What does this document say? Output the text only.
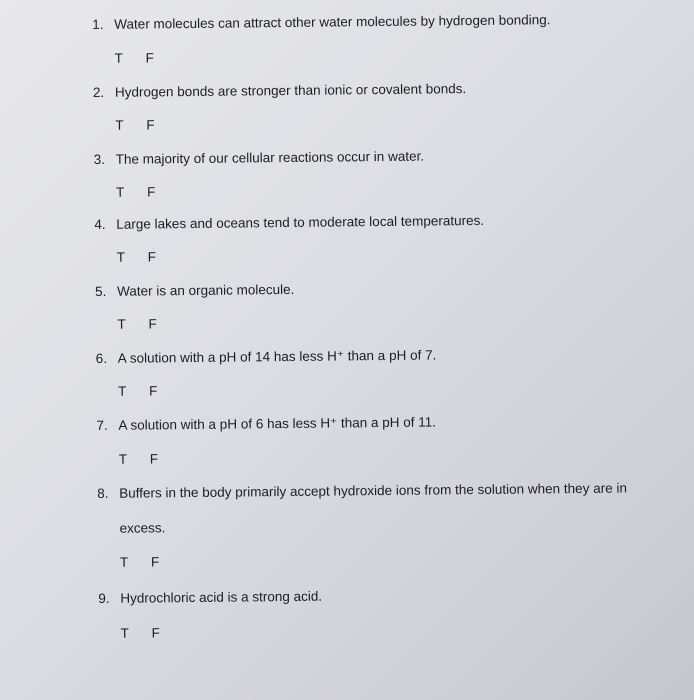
1. Water molecules can attract other water molecules by hydrogen bonding.
T F
2. Hydrogen bonds are stronger than ionic or covalent bonds.
T F
3. The majority of our cellular reactions occur in water.
T F
4. Large lakes and oceans tend to moderate local temperatures.
T F
5. Water is an organic molecule.
T F
6. A solution with a pH of 14 has less H⁺ than a pH of 7.
T F
7. A solution with a pH of 6 has less H⁺ than a pH of 11.
T F
8. Buffers in the body primarily accept hydroxide ions from the solution when they are in
excess.
T F
9. Hydrochloric acid is a strong acid.
T F
